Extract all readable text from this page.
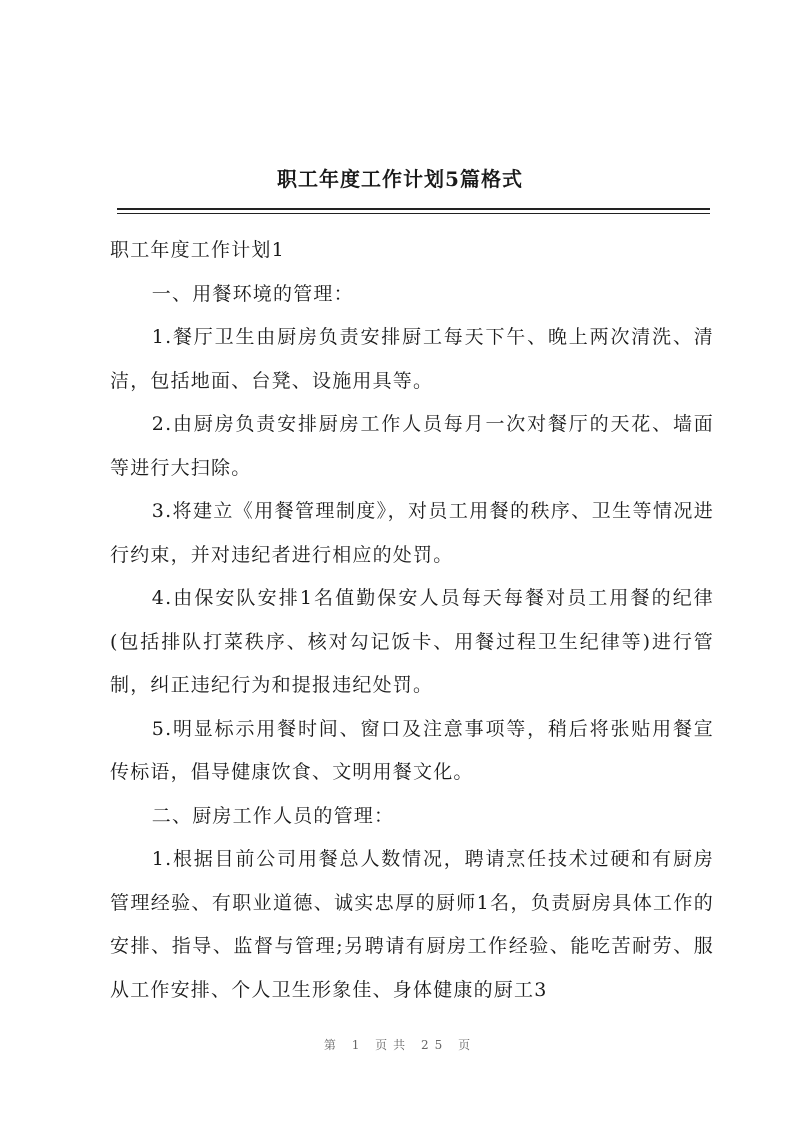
职工年度工作计划5篇格式

职工年度工作计划1

一、用餐环境的管理：

1.餐厅卫生由厨房负责安排厨工每天下午、晚上两次清洗、清洁，包括地面、台凳、设施用具等。

2.由厨房负责安排厨房工作人员每月一次对餐厅的天花、墙面等进行大扫除。

3.将建立《用餐管理制度》，对员工用餐的秩序、卫生等情况进行约束，并对违纪者进行相应的处罚。

4.由保安队安排1名值勤保安人员每天每餐对员工用餐的纪律(包括排队打菜秩序、核对勾记饭卡、用餐过程卫生纪律等)进行管制，纠正违纪行为和提报违纪处罚。

5.明显标示用餐时间、窗口及注意事项等，稍后将张贴用餐宣传标语，倡导健康饮食、文明用餐文化。

二、厨房工作人员的管理：

1.根据目前公司用餐总人数情况，聘请烹任技术过硬和有厨房管理经验、有职业道德、诚实忠厚的厨师1名，负责厨房具体工作的安排、指导、监督与管理;另聘请有厨房工作经验、能吃苦耐劳、服从工作安排、个人卫生形象佳、身体健康的厨工3

第 1 页共 25 页
